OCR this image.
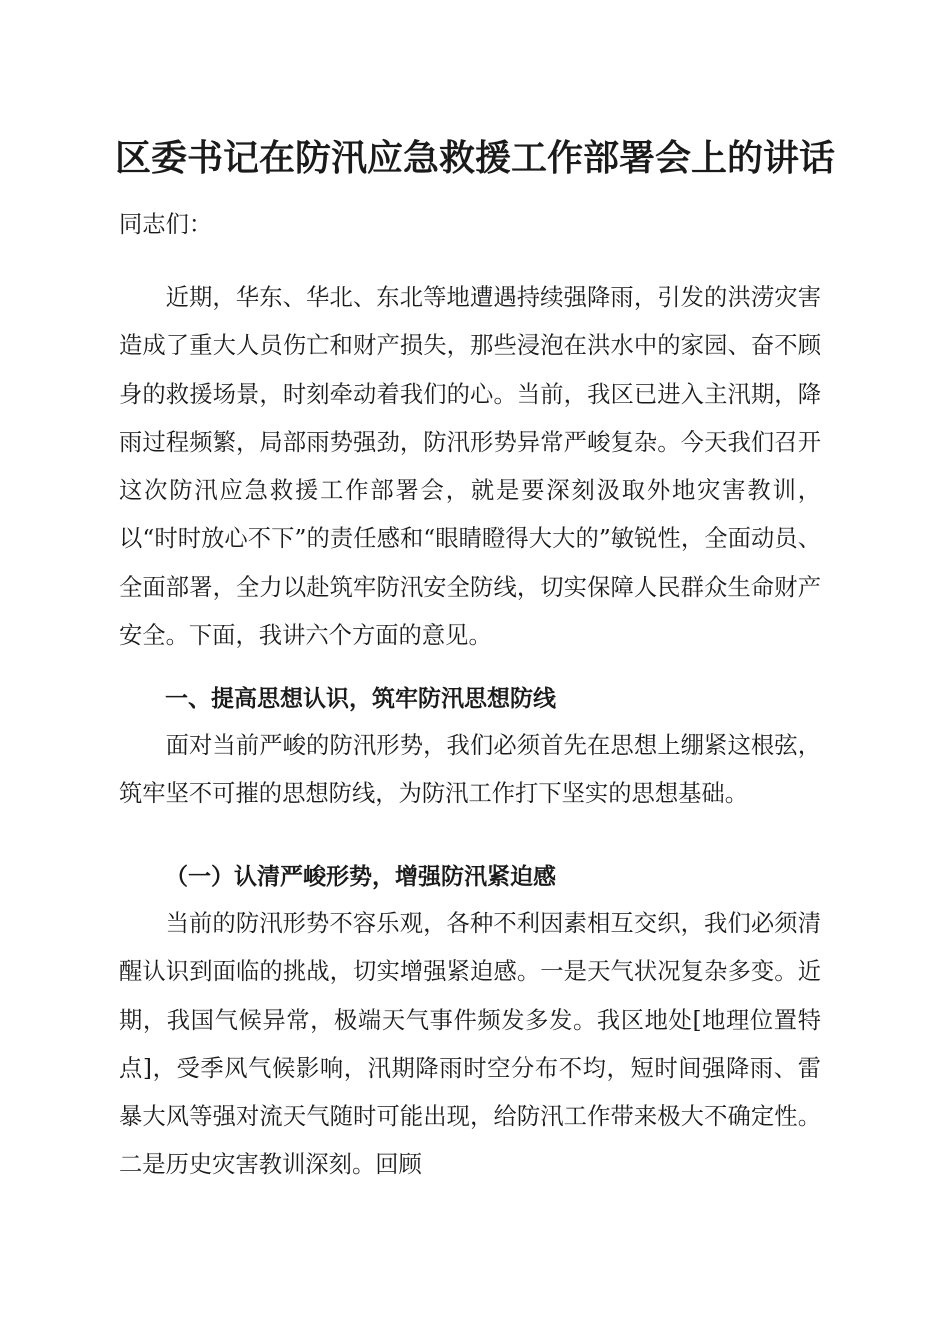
区委书记在防汛应急救援工作部署会上的讲话

同志们：

近期，华东、华北、东北等地遭遇持续强降雨，引发的洪涝灾害造成了重大人员伤亡和财产损失，那些浸泡在洪水中的家园、奋不顾身的救援场景，时刻牵动着我们的心。当前，我区已进入主汛期，降雨过程频繁，局部雨势强劲，防汛形势异常严峻复杂。今天我们召开这次防汛应急救援工作部署会，就是要深刻汲取外地灾害教训，以“时时放心不下”的责任感和“眼睛瞪得大大的”敏锐性，全面动员、全面部署，全力以赴筑牢防汛安全防线，切实保障人民群众生命财产安全。下面，我讲六个方面的意见。

一、提高思想认识，筑牢防汛思想防线

面对当前严峻的防汛形势，我们必须首先在思想上绷紧这根弦，筑牢坚不可摧的思想防线，为防汛工作打下坚实的思想基础。

（一）认清严峻形势，增强防汛紧迫感

当前的防汛形势不容乐观，各种不利因素相互交织，我们必须清醒认识到面临的挑战，切实增强紧迫感。一是天气状况复杂多变。近期，我国气候异常，极端天气事件频发多发。我区地处[地理位置特点]，受季风气候影响，汛期降雨时空分布不均，短时间强降雨、雷暴大风等强对流天气随时可能出现，给防汛工作带来极大不确定性。二是历史灾害教训深刻。回顾
